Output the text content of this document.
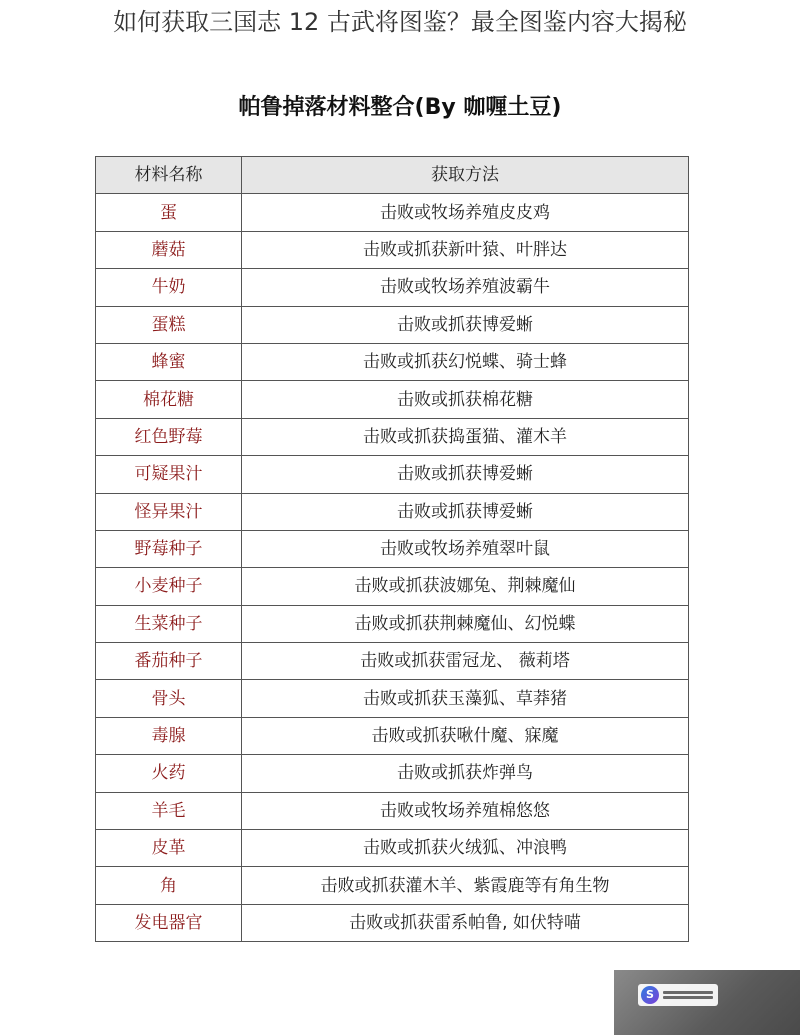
如何获取三国志 12 古武将图鉴？最全图鉴内容大揭秘
帕鲁掉落材料整合(By 咖喱土豆)
材料名称	获取方法
蛋	击败或牧场养殖皮皮鸡
蘑菇	击败或抓获新叶猿、叶胖达
牛奶	击败或牧场养殖波霸牛
蛋糕	击败或抓获博爱蜥
蜂蜜	击败或抓获幻悦蝶、骑士蜂
棉花糖	击败或抓获棉花糖
红色野莓	击败或抓获捣蛋猫、灌木羊
可疑果汁	击败或抓获博爱蜥
怪异果汁	击败或抓获博爱蜥
野莓种子	击败或牧场养殖翠叶鼠
小麦种子	击败或抓获波娜兔、荆棘魔仙
生菜种子	击败或抓获荆棘魔仙、幻悦蝶
番茄种子	击败或抓获雷冠龙、 薇莉塔
骨头	击败或抓获玉藻狐、草莽猪
毒腺	击败或抓获啾什魔、寐魔
火药	击败或抓获炸弹鸟
羊毛	击败或牧场养殖棉悠悠
皮革	击败或抓获火绒狐、冲浪鸭
角	击败或抓获灌木羊、紫霞鹿等有角生物
发电器官	击败或抓获雷系帕鲁, 如伏特喵
S
